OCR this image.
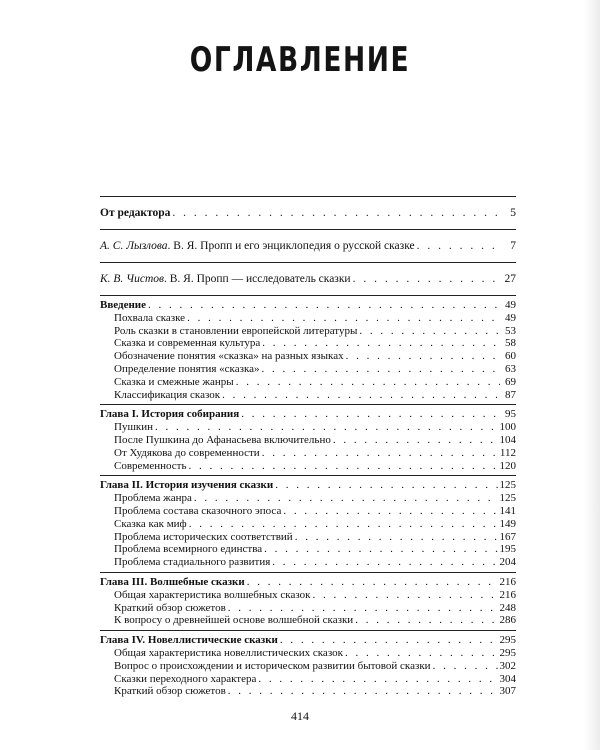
ОГЛАВЛЕНИЕ
От редактора . . .	5
А. С. Лызлова. В. Я. Пропп и его энциклопедия о русской сказке . . .	7
К. В. Чистов. В. Я. Пропп — исследователь сказки . . .	27
Введение . . .	49
Похвала сказке . . .	49
Роль сказки в становлении европейской литературы . . .	53
Сказка и современная культура . . .	58
Обозначение понятия «сказка» на разных языках . . .	60
Определение понятия «сказка» . . .	63
Сказка и смежные жанры . . .	69
Классификация сказок . . .	87
Глава I. История собирания . . .	95
Пушкин . . .	100
После Пушкина до Афанасьева включительно . . .	104
От Худякова до современности . . .	112
Современность . . .	120
Глава II. История изучения сказки . . .	125
Проблема жанра . . .	125
Проблема состава сказочного эпоса . . .	141
Сказка как миф . . .	149
Проблема исторических соответствий . . .	167
Проблема всемирного единства . . .	195
Проблема стадиального развития . . .	204
Глава III. Волшебные сказки . . .	216
Общая характеристика волшебных сказок . . .	216
Краткий обзор сюжетов . . .	248
К вопросу о древнейшей основе волшебной сказки . . .	286
Глава IV. Новеллистические сказки . . .	295
Общая характеристика новеллистических сказок . . .	295
Вопрос о происхождении и историческом развитии бытовой сказки . . .	302
Сказки переходного характера . . .	304
Краткий обзор сюжетов . . .	307
414
